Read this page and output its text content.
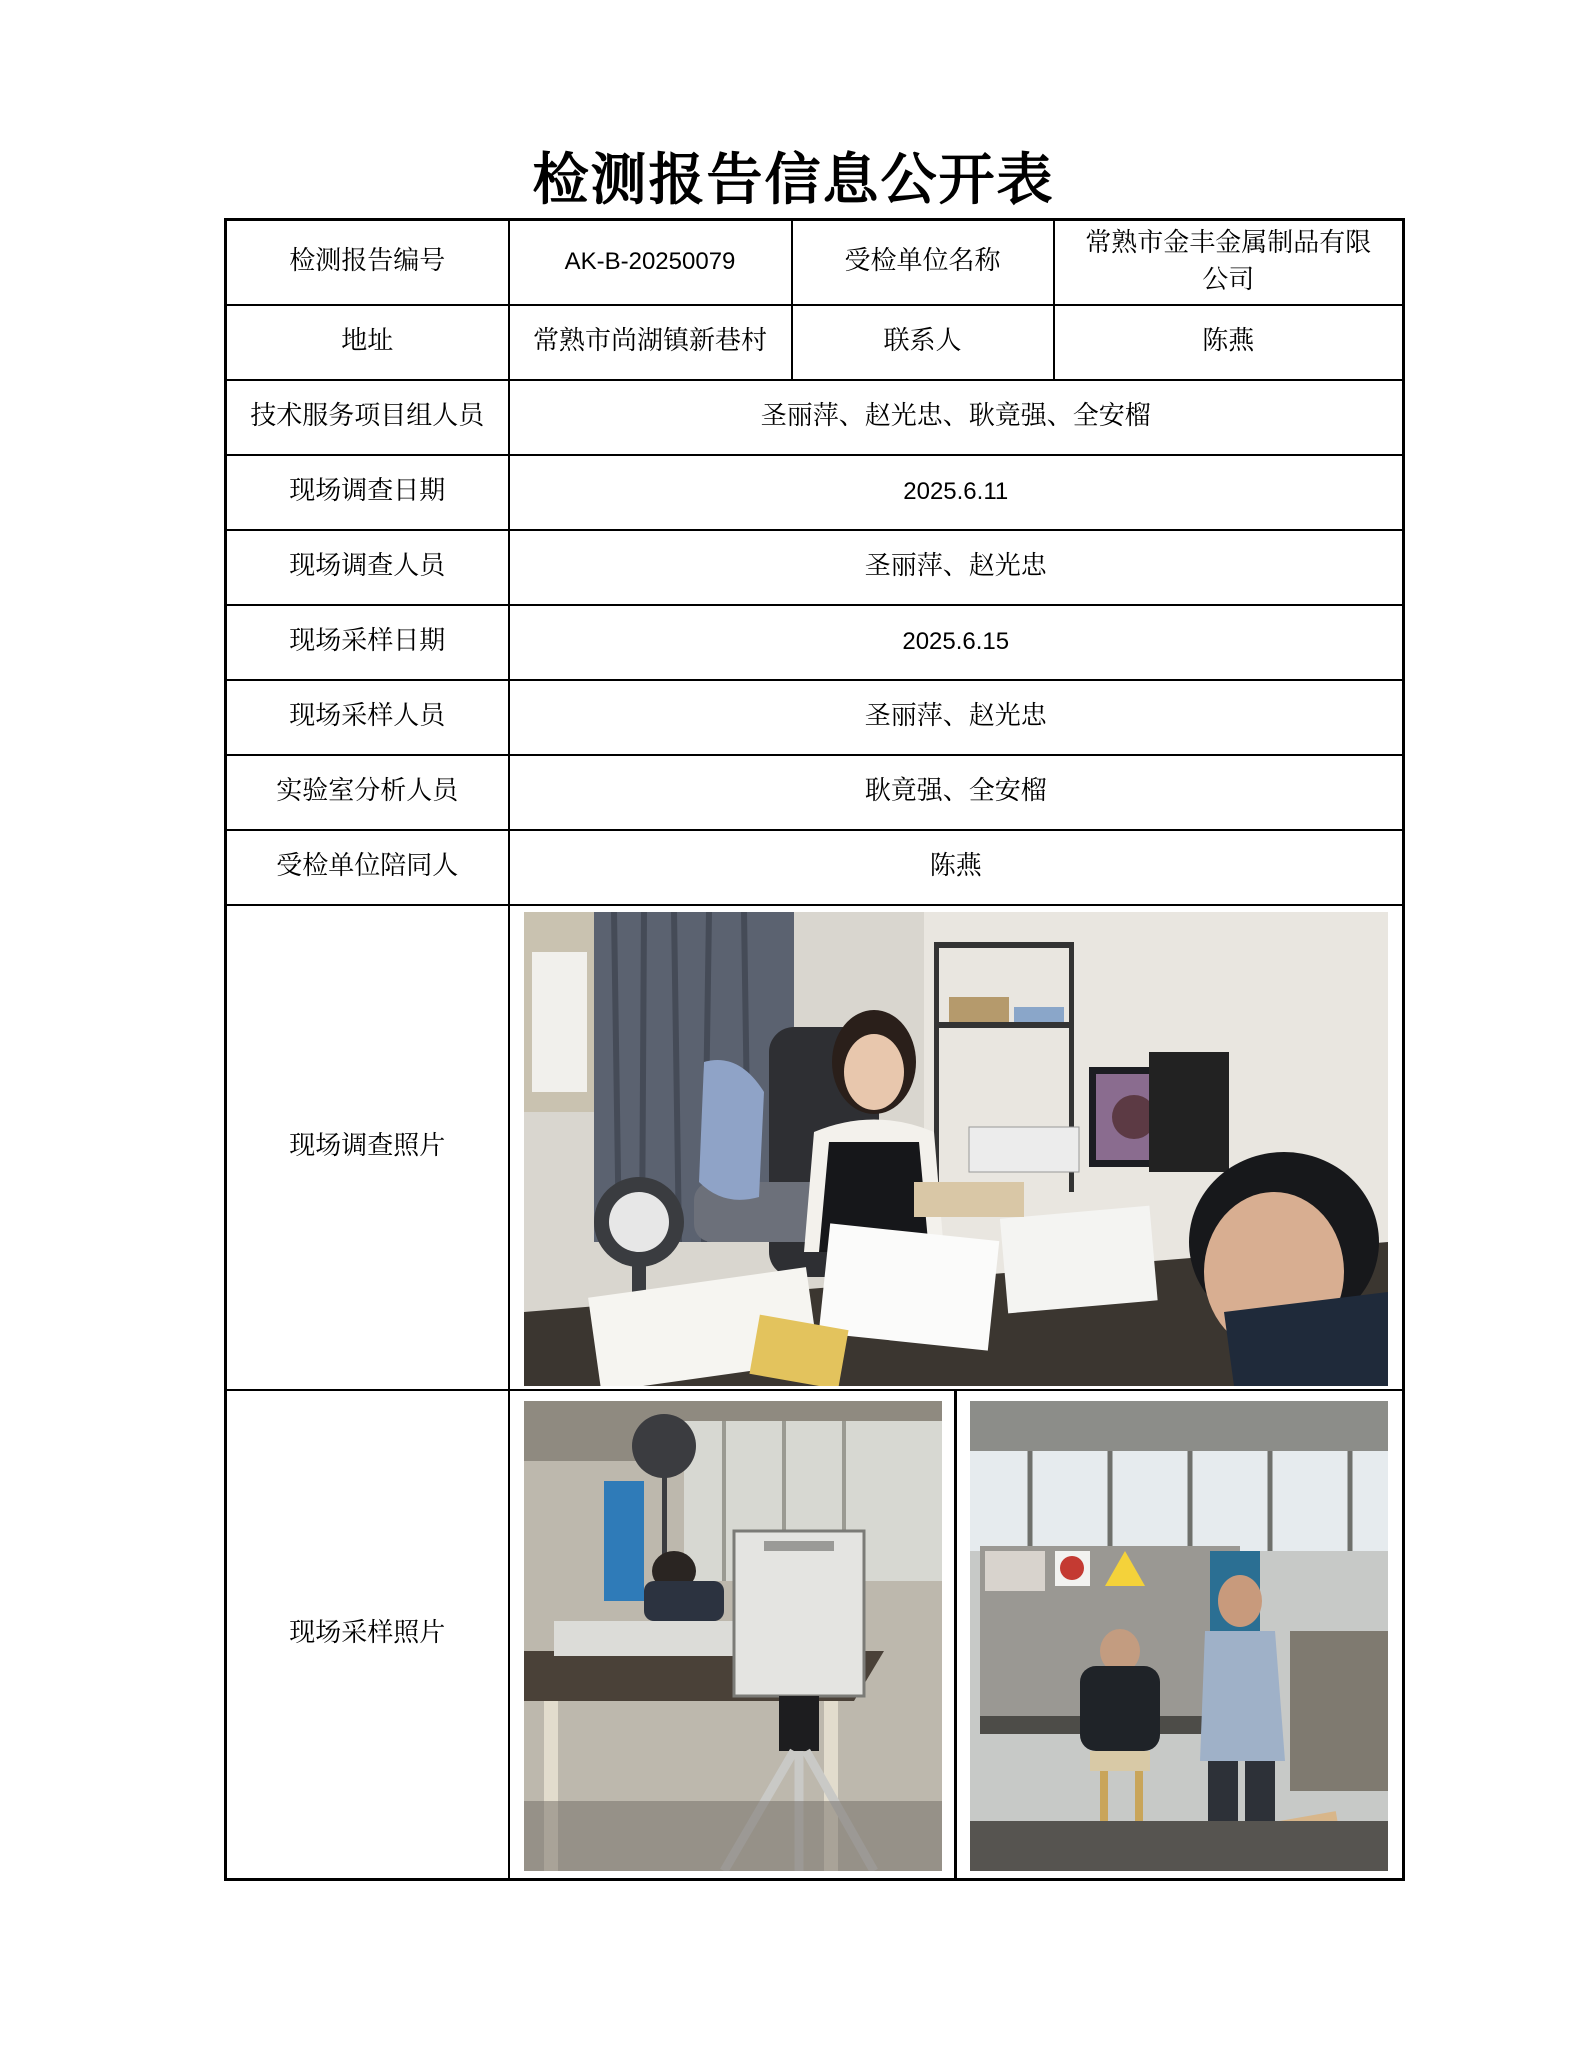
检测报告信息公开表
检测报告编号	AK-B-20250079	受检单位名称	常熟市金丰金属制品有限公司
地址	常熟市尚湖镇新巷村	联系人	陈燕
技术服务项目组人员	圣丽萍、赵光忠、耿竟强、全安榴		
现场调查日期	2025.6.11		
现场调查人员	圣丽萍、赵光忠		
现场采样日期	2025.6.15		
现场采样人员	圣丽萍、赵光忠		
实验室分析人员	耿竟强、全安榴		
受检单位陪同人	陈燕		
现场调查照片	

现场采样照片	
